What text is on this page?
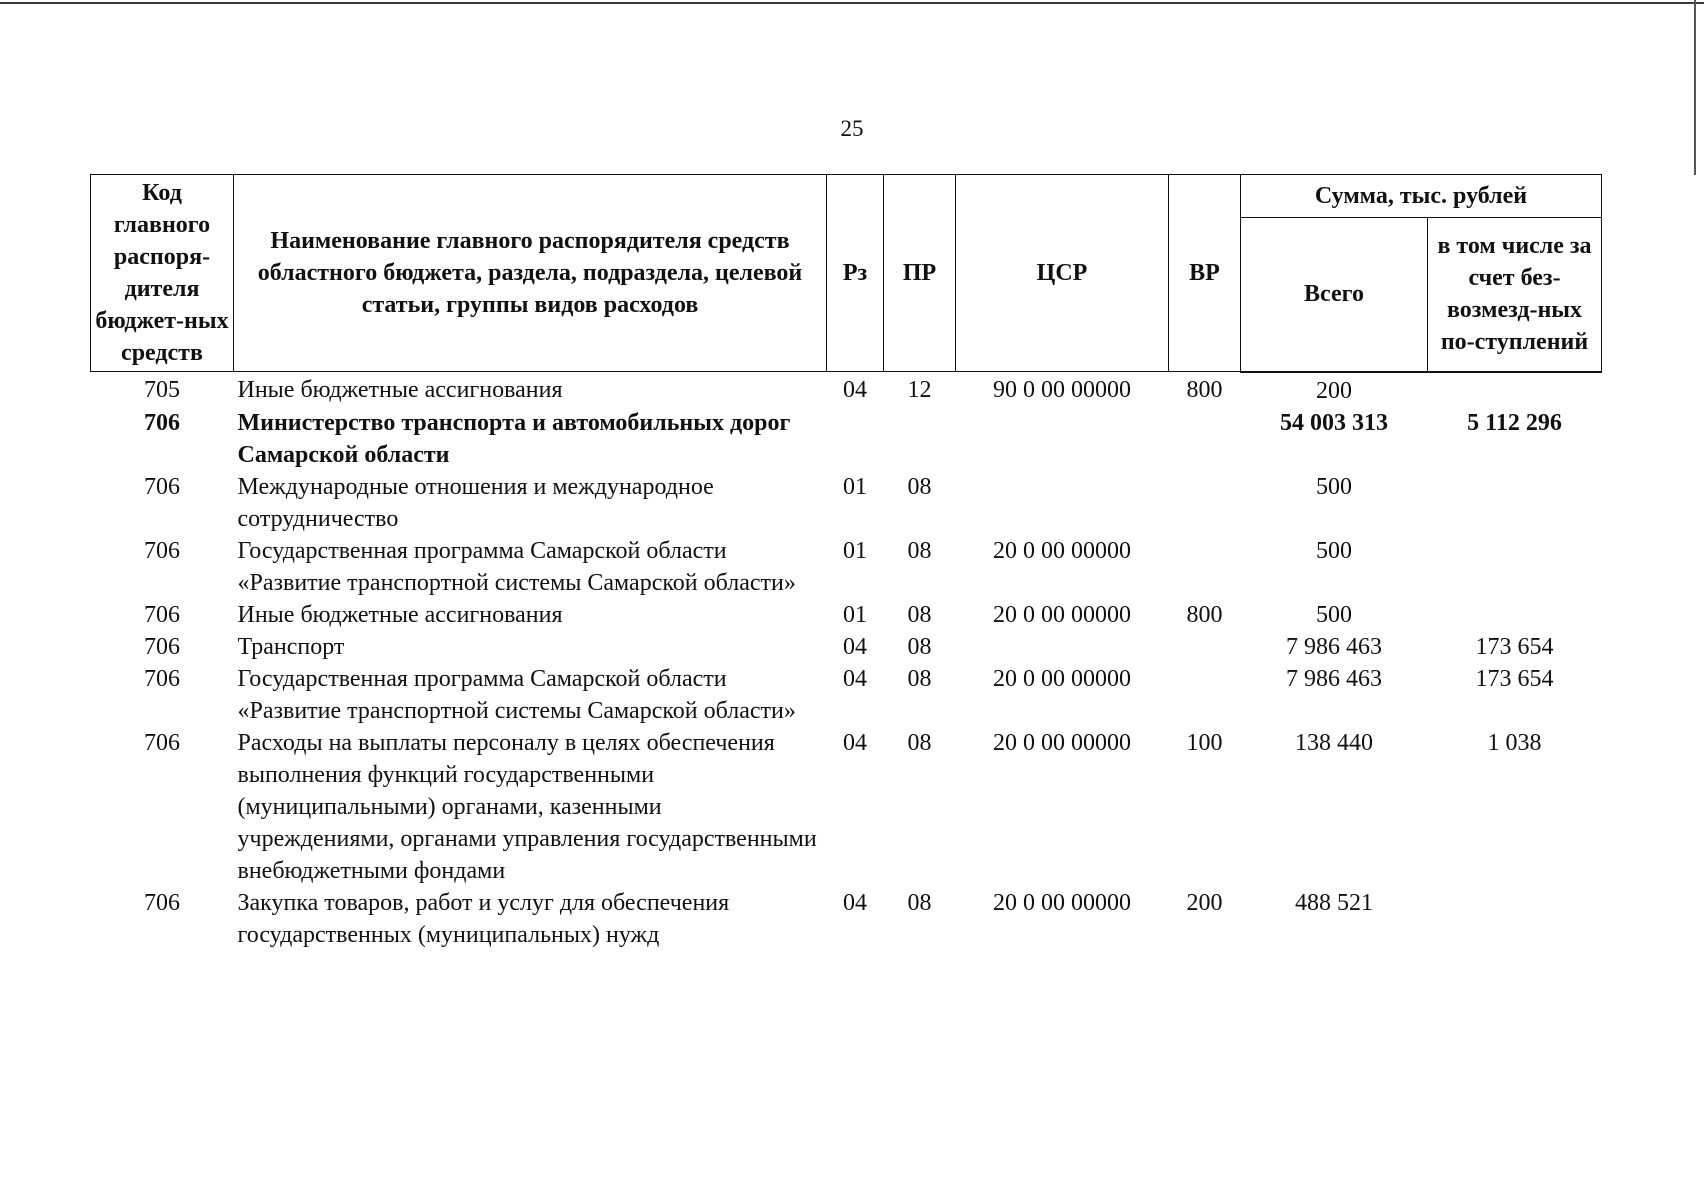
25
Код главного распоря-дителя бюджет-ных средств	Наименование главного распорядителя средств областного бюджета, раздела, подраздела, целевой статьи, группы видов расходов	Рз	ПР	ЦСР	ВР	Сумма, тыс. рублей	
						Всего	в том числе за счет без-возмезд-ных по-ступлений
705	Иные бюджетные ассигнования	04	12	90 0 00 00000	800	200	
706	Министерство транспорта и автомобильных дорог Самарской области					54 003 313	5 112 296
706	Международные отношения и международное сотрудничество	01	08			500	
706	Государственная программа Самарской области «Развитие транспортной системы Самарской области»	01	08	20 0 00 00000		500	
706	Иные бюджетные ассигнования	01	08	20 0 00 00000	800	500	
706	Транспорт	04	08			7 986 463	173 654
706	Государственная программа Самарской области «Развитие транспортной системы Самарской области»	04	08	20 0 00 00000		7 986 463	173 654
706	Расходы на выплаты персоналу в целях обеспечения выполнения функций государственными (муниципальными) органами, казенными учреждениями, органами управления государственными внебюджетными фондами	04	08	20 0 00 00000	100	138 440	1 038
706	Закупка товаров, работ и услуг для обеспечения государственных (муниципальных) нужд	04	08	20 0 00 00000	200	488 521	
